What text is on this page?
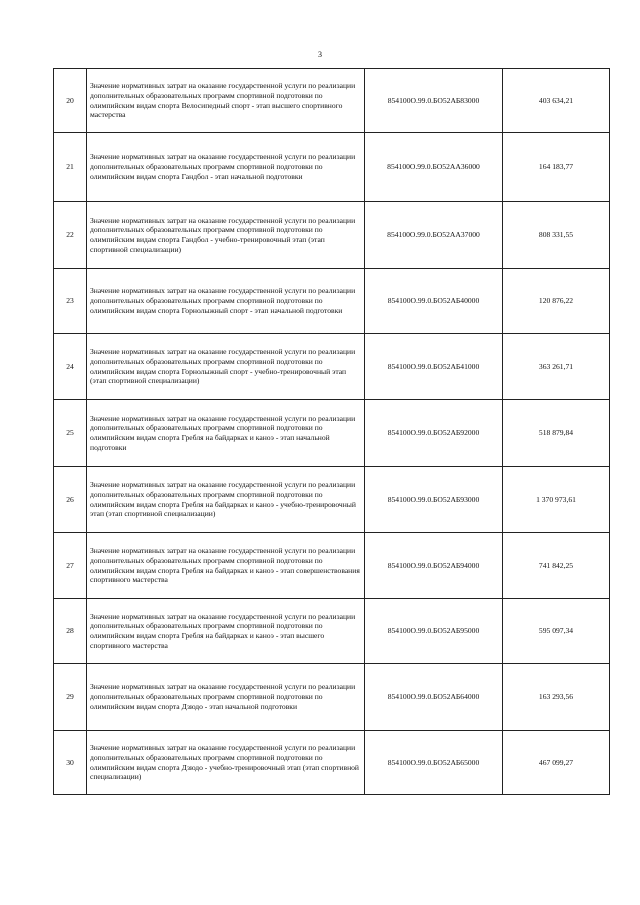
3
20	Значение нормативных затрат на оказание государственной услуги по реализации дополнительных образовательных программ спортивной подготовки по олимпийским видам спорта Велосипедный спорт - этап высшего спортивного мастерства	854100О.99.0.БО52АБ83000	403 634,21
21	Значение нормативных затрат на оказание государственной услуги по реализации дополнительных образовательных программ спортивной подготовки по олимпийским видам спорта Гандбол - этап начальной подготовки	854100О.99.0.БО52АА36000	164 183,77
22	Значение нормативных затрат на оказание государственной услуги по реализации дополнительных образовательных программ спортивной подготовки по олимпийским видам спорта Гандбол - учебно-тренировочный этап (этап спортивной специализации)	854100О.99.0.БО52АА37000	808 331,55
23	Значение нормативных затрат на оказание государственной услуги по реализации дополнительных образовательных программ спортивной подготовки по олимпийским видам спорта Горнолыжный спорт - этап начальной подготовки	854100О.99.0.БО52АБ40000	120 876,22
24	Значение нормативных затрат на оказание государственной услуги по реализации дополнительных образовательных программ спортивной подготовки по олимпийским видам спорта Горнолыжный спорт - учебно-тренировочный этап (этап спортивной специализации)	854100О.99.0.БО52АБ41000	363 261,71
25	Значение нормативных затрат на оказание государственной услуги по реализации дополнительных образовательных программ спортивной подготовки по олимпийским видам спорта Гребля на байдарках и каноэ - этап начальной подготовки	854100О.99.0.БО52АБ92000	518 879,84
26	Значение нормативных затрат на оказание государственной услуги по реализации дополнительных образовательных программ спортивной подготовки по олимпийским видам спорта Гребля на байдарках и каноэ - учебно-тренировочный этап (этап спортивной специализации)	854100О.99.0.БО52АБ93000	1 370 973,61
27	Значение нормативных затрат на оказание государственной услуги по реализации дополнительных образовательных программ спортивной подготовки по олимпийским видам спорта Гребля на байдарках и каноэ - этап совершенствования спортивного мастерства	854100О.99.0.БО52АБ94000	741 842,25
28	Значение нормативных затрат на оказание государственной услуги по реализации дополнительных образовательных программ спортивной подготовки по олимпийским видам спорта Гребля на байдарках и каноэ - этап высшего спортивного мастерства	854100О.99.0.БО52АБ95000	595 097,34
29	Значение нормативных затрат на оказание государственной услуги по реализации дополнительных образовательных программ спортивной подготовки по олимпийским видам спорта Дзюдо - этап начальной подготовки	854100О.99.0.БО52АБ64000	163 293,56
30	Значение нормативных затрат на оказание государственной услуги по реализации дополнительных образовательных программ спортивной подготовки по олимпийским видам спорта Дзюдо - учебно-тренировочный этап (этап спортивной специализации)	854100О.99.0.БО52АБ65000	467 099,27
